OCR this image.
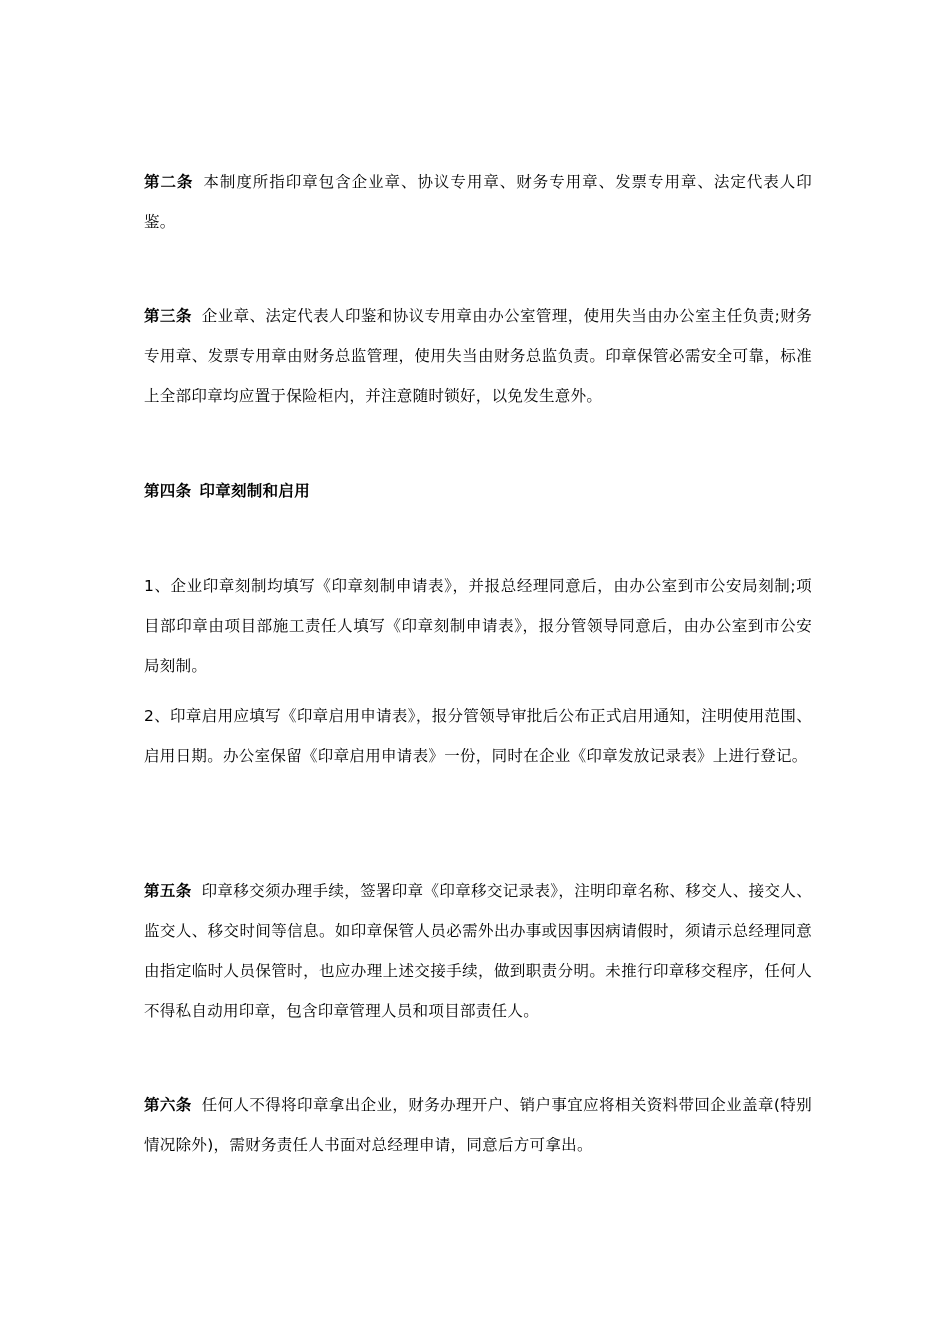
第二条 本制度所指印章包含企业章、协议专用章、财务专用章、发票专用章、法定代表人印鉴。

第三条 企业章、法定代表人印鉴和协议专用章由办公室管理，使用失当由办公室主任负责;财务专用章、发票专用章由财务总监管理，使用失当由财务总监负责。印章保管必需安全可靠，标准上全部印章均应置于保险柜内，并注意随时锁好，以免发生意外。

第四条 印章刻制和启用

1、企业印章刻制均填写《印章刻制申请表》，并报总经理同意后，由办公室到市公安局刻制;项目部印章由项目部施工责任人填写《印章刻制申请表》，报分管领导同意后，由办公室到市公安局刻制。

2、印章启用应填写《印章启用申请表》，报分管领导审批后公布正式启用通知，注明使用范围、启用日期。办公室保留《印章启用申请表》一份，同时在企业《印章发放记录表》上进行登记。

第五条 印章移交须办理手续，签署印章《印章移交记录表》，注明印章名称、移交人、接交人、监交人、移交时间等信息。如印章保管人员必需外出办事或因事因病请假时，须请示总经理同意由指定临时人员保管时，也应办理上述交接手续，做到职责分明。未推行印章移交程序，任何人不得私自动用印章，包含印章管理人员和项目部责任人。

第六条 任何人不得将印章拿出企业，财务办理开户、销户事宜应将相关资料带回企业盖章(特别情况除外)，需财务责任人书面对总经理申请，同意后方可拿出。
